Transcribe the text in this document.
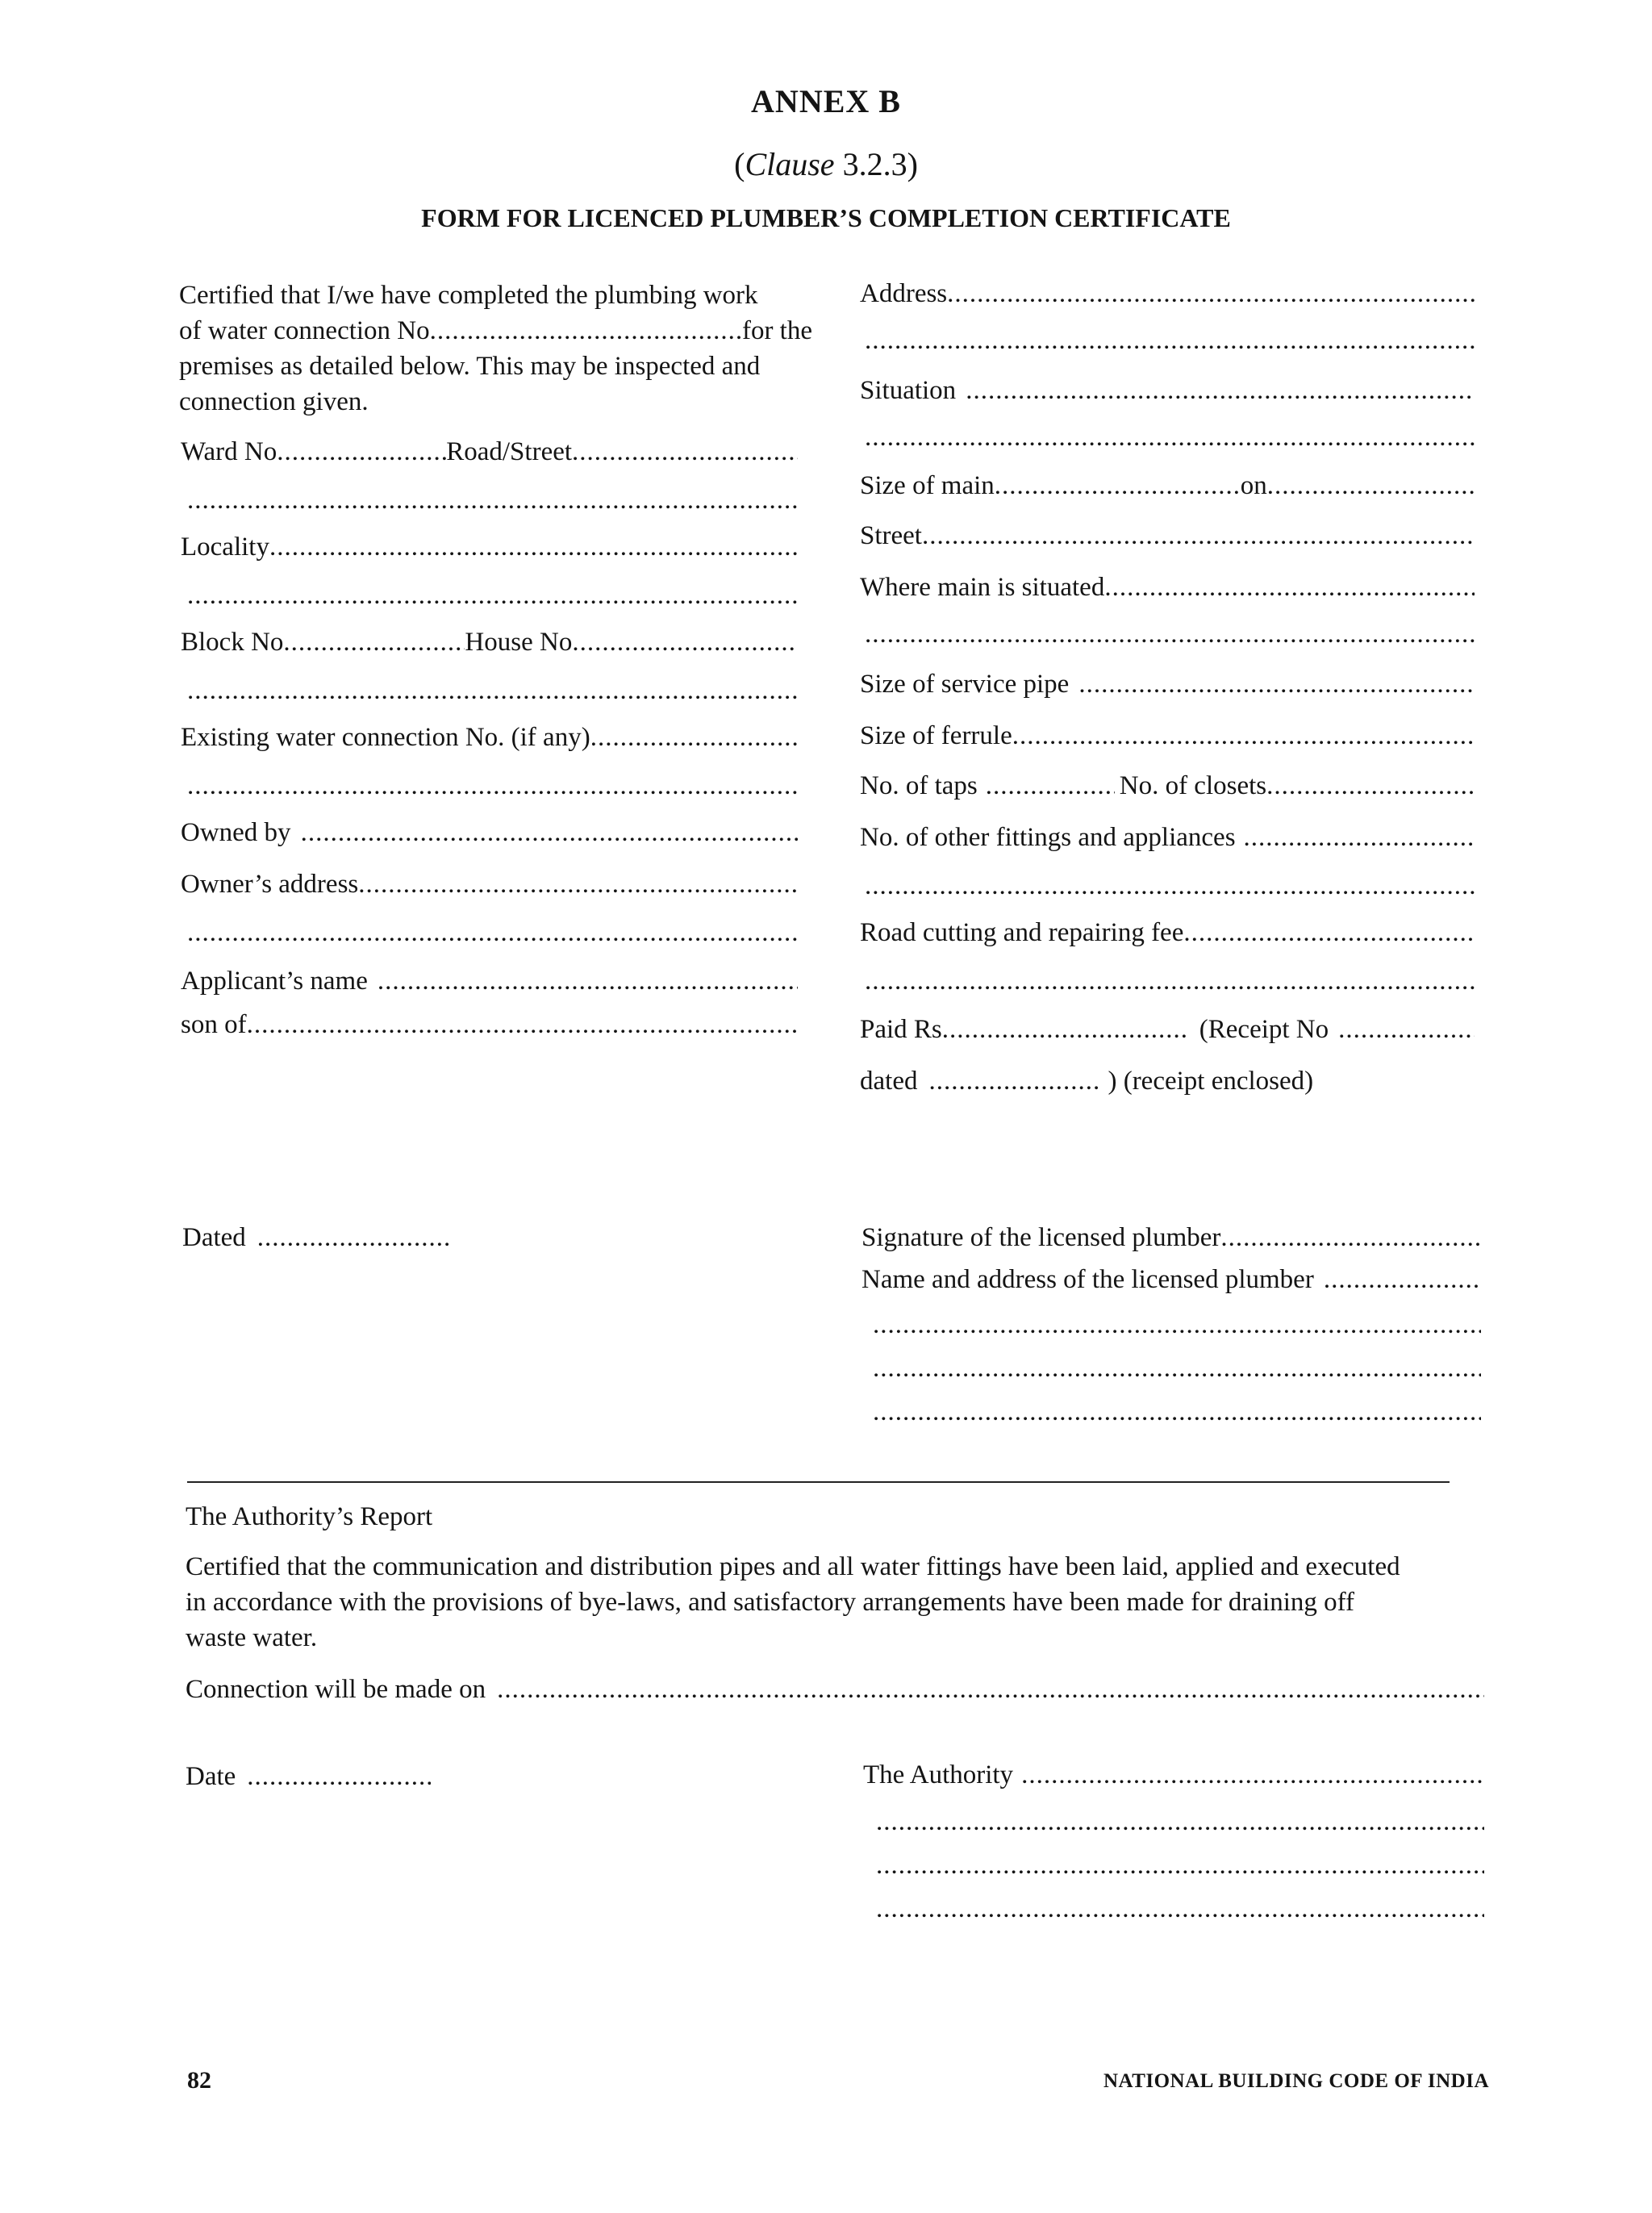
ANNEX B
(Clause 3.2.3)
FORM FOR LICENCED PLUMBER’S COMPLETION CERTIFICATE
Certified that I/we have completed the plumbing work
of water connection No .....	for the
premises as detailed below. This may be inspected and
connection given.
Ward No .....	Road/Street
.....
.....
Locality
.....
.....
Block No .....	House No
.....
.....
Existing water connection No. (if any)
.....
.....
Owned by
.....
Owner’s address
.....
.....
Applicant’s name
.....
son of
.....
Address
.....
.....
Situation
.....
.....
Size of main .....	on
.....
Street
.....
Where main is situated
.....
.....
Size of service pipe
.....
Size of ferrule
.....
No. of taps .....	No. of closets
.....
No. of other fittings and appliances
.....
.....
Road cutting and repairing fee
.....
.....
Paid Rs .....	(Receipt No
.....
dated .....	) (receipt enclosed)
Dated .....	Signature of the licensed plumber
.....
Name and address of the licensed plumber
.....
.....
.....
.....
The Authority’s Report
Certified that the communication and distribution pipes and all water fittings have been laid, applied and executed
in accordance with the provisions of bye-laws, and satisfactory arrangements have been made for draining off
waste water.
Connection will be made on
.....
Date .....	The Authority
.....
.....
.....
.....
82	NATIONAL BUILDING CODE OF INDIA
